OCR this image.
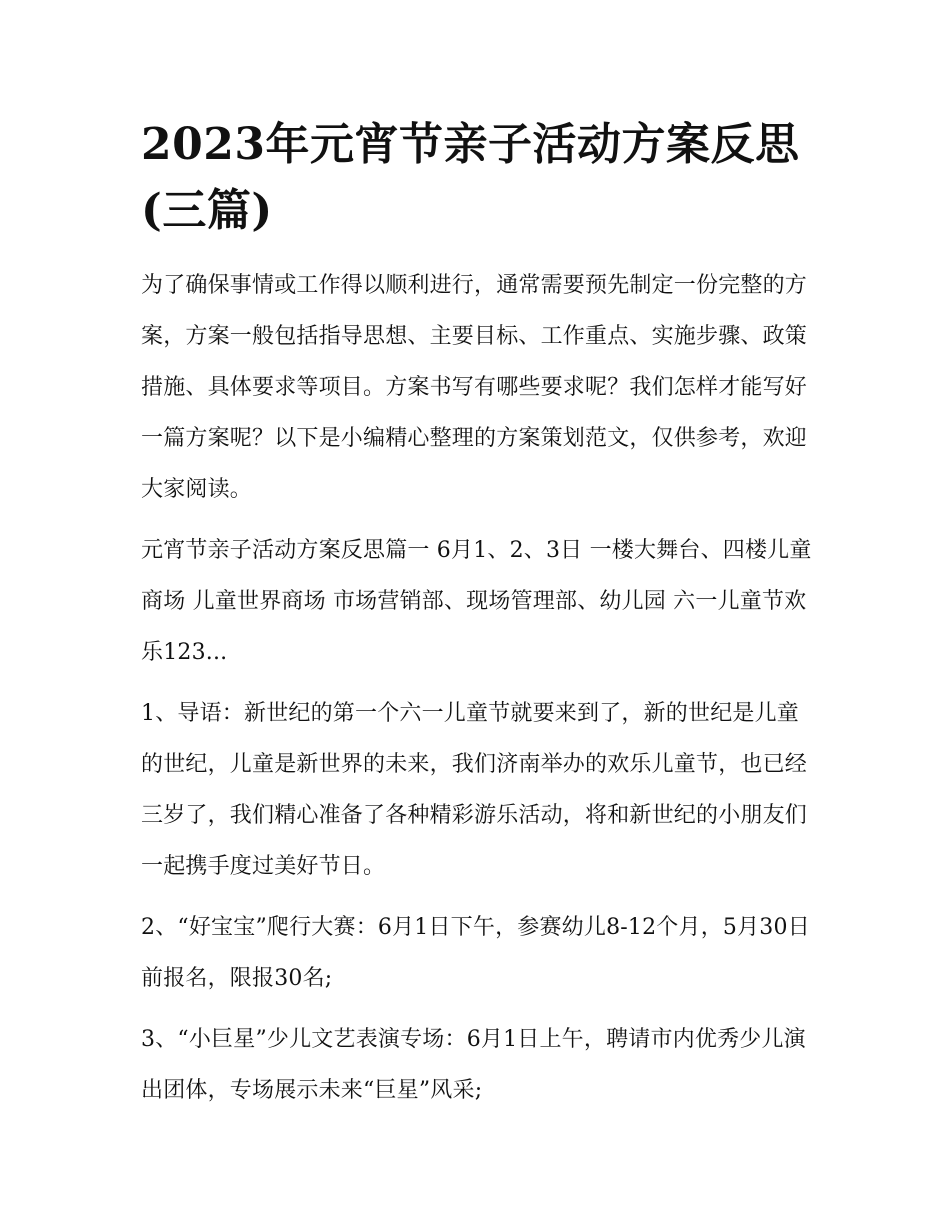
2023年元宵节亲子活动方案反思(三篇)

为了确保事情或工作得以顺利进行，通常需要预先制定一份完整的方案，方案一般包括指导思想、主要目标、工作重点、实施步骤、政策措施、具体要求等项目。方案书写有哪些要求呢？我们怎样才能写好一篇方案呢？以下是小编精心整理的方案策划范文，仅供参考，欢迎大家阅读。

元宵节亲子活动方案反思篇一 6月1、2、3日 一楼大舞台、四楼儿童商场 儿童世界商场 市场营销部、现场管理部、幼儿园 六一儿童节欢乐123...

1、导语：新世纪的第一个六一儿童节就要来到了，新的世纪是儿童的世纪，儿童是新世界的未来，我们济南举办的欢乐儿童节，也已经三岁了，我们精心准备了各种精彩游乐活动，将和新世纪的小朋友们一起携手度过美好节日。

2、“好宝宝”爬行大赛：6月1日下午，参赛幼儿8-12个月，5月30日前报名，限报30名;

3、“小巨星”少儿文艺表演专场：6月1日上午，聘请市内优秀少儿演出团体，专场展示未来“巨星”风采;
